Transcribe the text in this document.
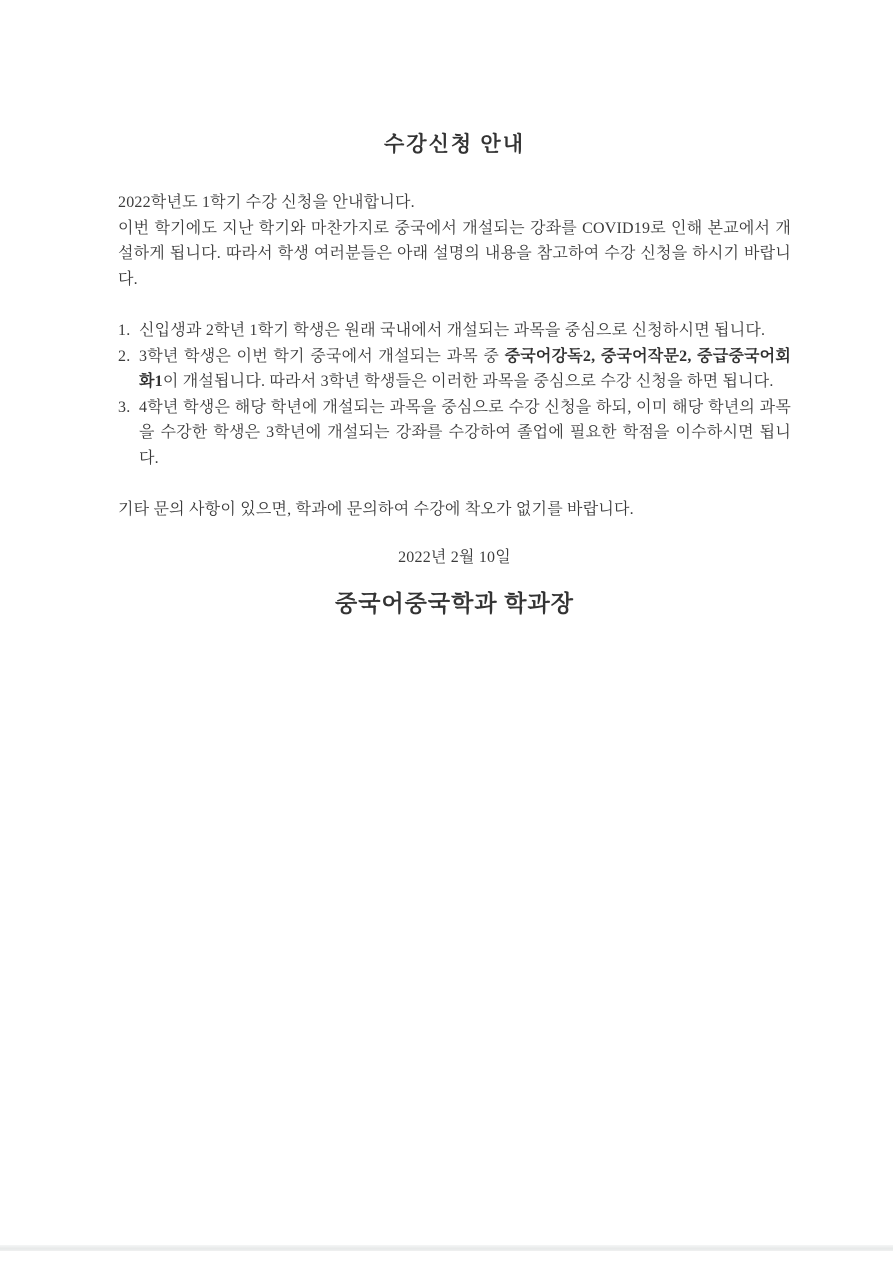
수강신청 안내
2022학년도 1학기 수강 신청을 안내합니다.
이번 학기에도 지난 학기와 마찬가지로 중국에서 개설되는 강좌를 COVID19로 인해 본교에서 개설하게 됩니다. 따라서 학생 여러분들은 아래 설명의 내용을 참고하여 수강 신청을 하시기 바랍니다.
1. 신입생과 2학년 1학기 학생은 원래 국내에서 개설되는 과목을 중심으로 신청하시면 됩니다.
2. 3학년 학생은 이번 학기 중국에서 개설되는 과목 중 중국어강독2, 중국어작문2, 중급중국어회화1이 개설됩니다. 따라서 3학년 학생들은 이러한 과목을 중심으로 수강 신청을 하면 됩니다.
3. 4학년 학생은 해당 학년에 개설되는 과목을 중심으로 수강 신청을 하되, 이미 해당 학년의 과목을 수강한 학생은 3학년에 개설되는 강좌를 수강하여 졸업에 필요한 학점을 이수하시면 됩니다.
기타 문의 사항이 있으면, 학과에 문의하여 수강에 착오가 없기를 바랍니다.
2022년 2월 10일
중국어중국학과 학과장
